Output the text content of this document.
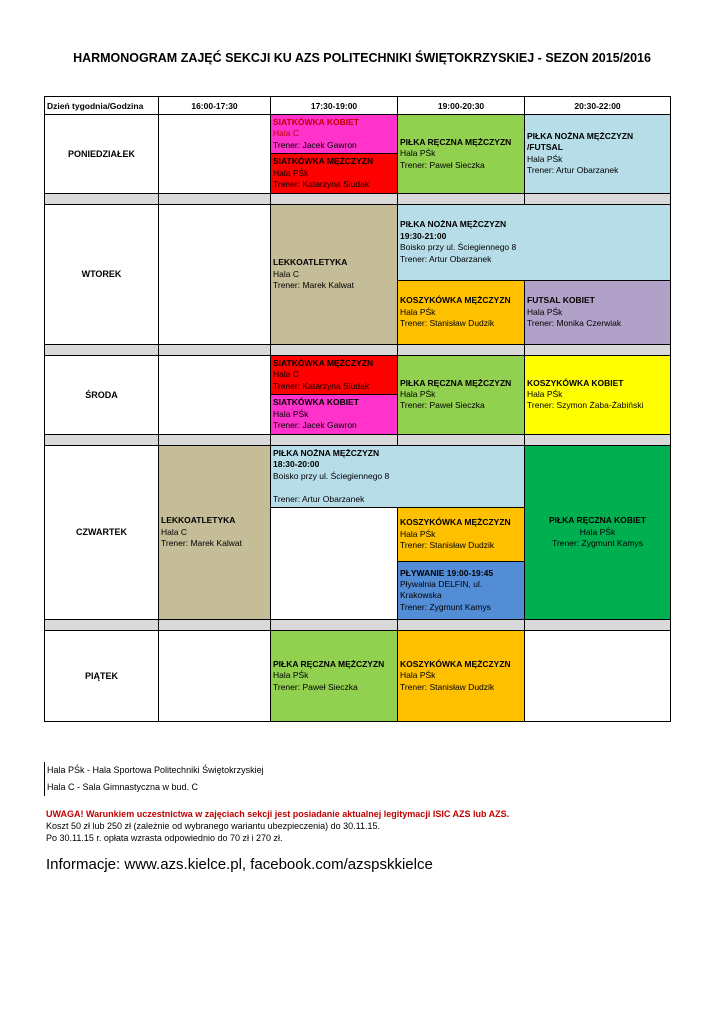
HARMONOGRAM ZAJĘĆ SEKCJI KU AZS POLITECHNIKI ŚWIĘTOKRZYSKIEJ - SEZON 2015/2016
Dzień tygodnia/Godzina	16:00-17:30	17:30-19:00	19:00-20:30	20:30-22:00
PONIEDZIAŁEK		SIATKÓWKA KOBIET
Hala C
Trener: Jacek Gawron	PIŁKA RĘCZNA MĘŻCZYZN
Hala PŚk
Trener: Paweł Sieczka	PIŁKA NOŻNA MĘŻCZYZN /FUTSAL
Hala PŚk
Trener: Artur Obarzanek

		SIATKÓWKA MĘŻCZYZN
Hala PŚk
Trener: Katarzyna Siudak		

WTOREK		LEKKOATLETYKA
Hala C
Trener: Marek Kalwat	PIŁKA NOŻNA MĘŻCZYZN
19:30-21:00
Boisko przy ul. Ściegiennego 8
Trener: Artur Obarzanek	

			KOSZYKÓWKA MĘŻCZYZN
Hala PŚk
Trener: Stanisław Dudzik	FUTSAL KOBIET
Hala PŚk
Trener: Monika Czerwiak

ŚRODA		SIATKÓWKA MĘŻCZYZN
Hala C
Trener: Katarzyna Siudak	PIŁKA RĘCZNA MĘŻCZYZN
Hala PŚk
Trener: Paweł Sieczka	KOSZYKÓWKA KOBIET
Hala PŚk
Trener: Szymon Żaba-Żabiński

		SIATKÓWKA KOBIET
Hala PŚk
Trener: Jacek Gawron		

CZWARTEK	LEKKOATLETYKA
Hala C
Trener: Marek Kalwat	PIŁKA NOŻNA MĘŻCZYZN
18:30-20:00
Boisko przy ul. Ściegiennego 8

Trener: Artur Obarzanek		PIŁKA RĘCZNA KOBIET
Hala PŚk
Trener: Zygmunt Kamys

			KOSZYKÓWKA MĘŻCZYZN
Hala PŚk
Trener: Stanisław Dudzik	

			PŁYWANIE 19:00-19:45
Pływalnia DELFIN, ul. Krakowska
Trener: Zygmunt Kamys	

PIĄTEK		PIŁKA RĘCZNA MĘŻCZYZN
Hala PŚk
Trener: Paweł Sieczka	KOSZYKÓWKA MĘŻCZYZN
Hala PŚk
Trener: Stanisław Dudzik	

Hala PŚk - Hala Sportowa Politechniki Świętokrzyskiej
Hala C - Sala Gimnastyczna w bud. C
UWAGA! Warunkiem uczestnictwa w zajęciach sekcji jest posiadanie aktualnej legitymacji ISIC AZS lub AZS.
Koszt 50 zł lub 250 zł (zależnie od wybranego wariantu ubezpieczenia) do 30.11.15.
Po 30.11.15 r. opłata wzrasta odpowiednio do 70 zł i 270 zł.
Informacje: www.azs.kielce.pl, facebook.com/azspskkielce
